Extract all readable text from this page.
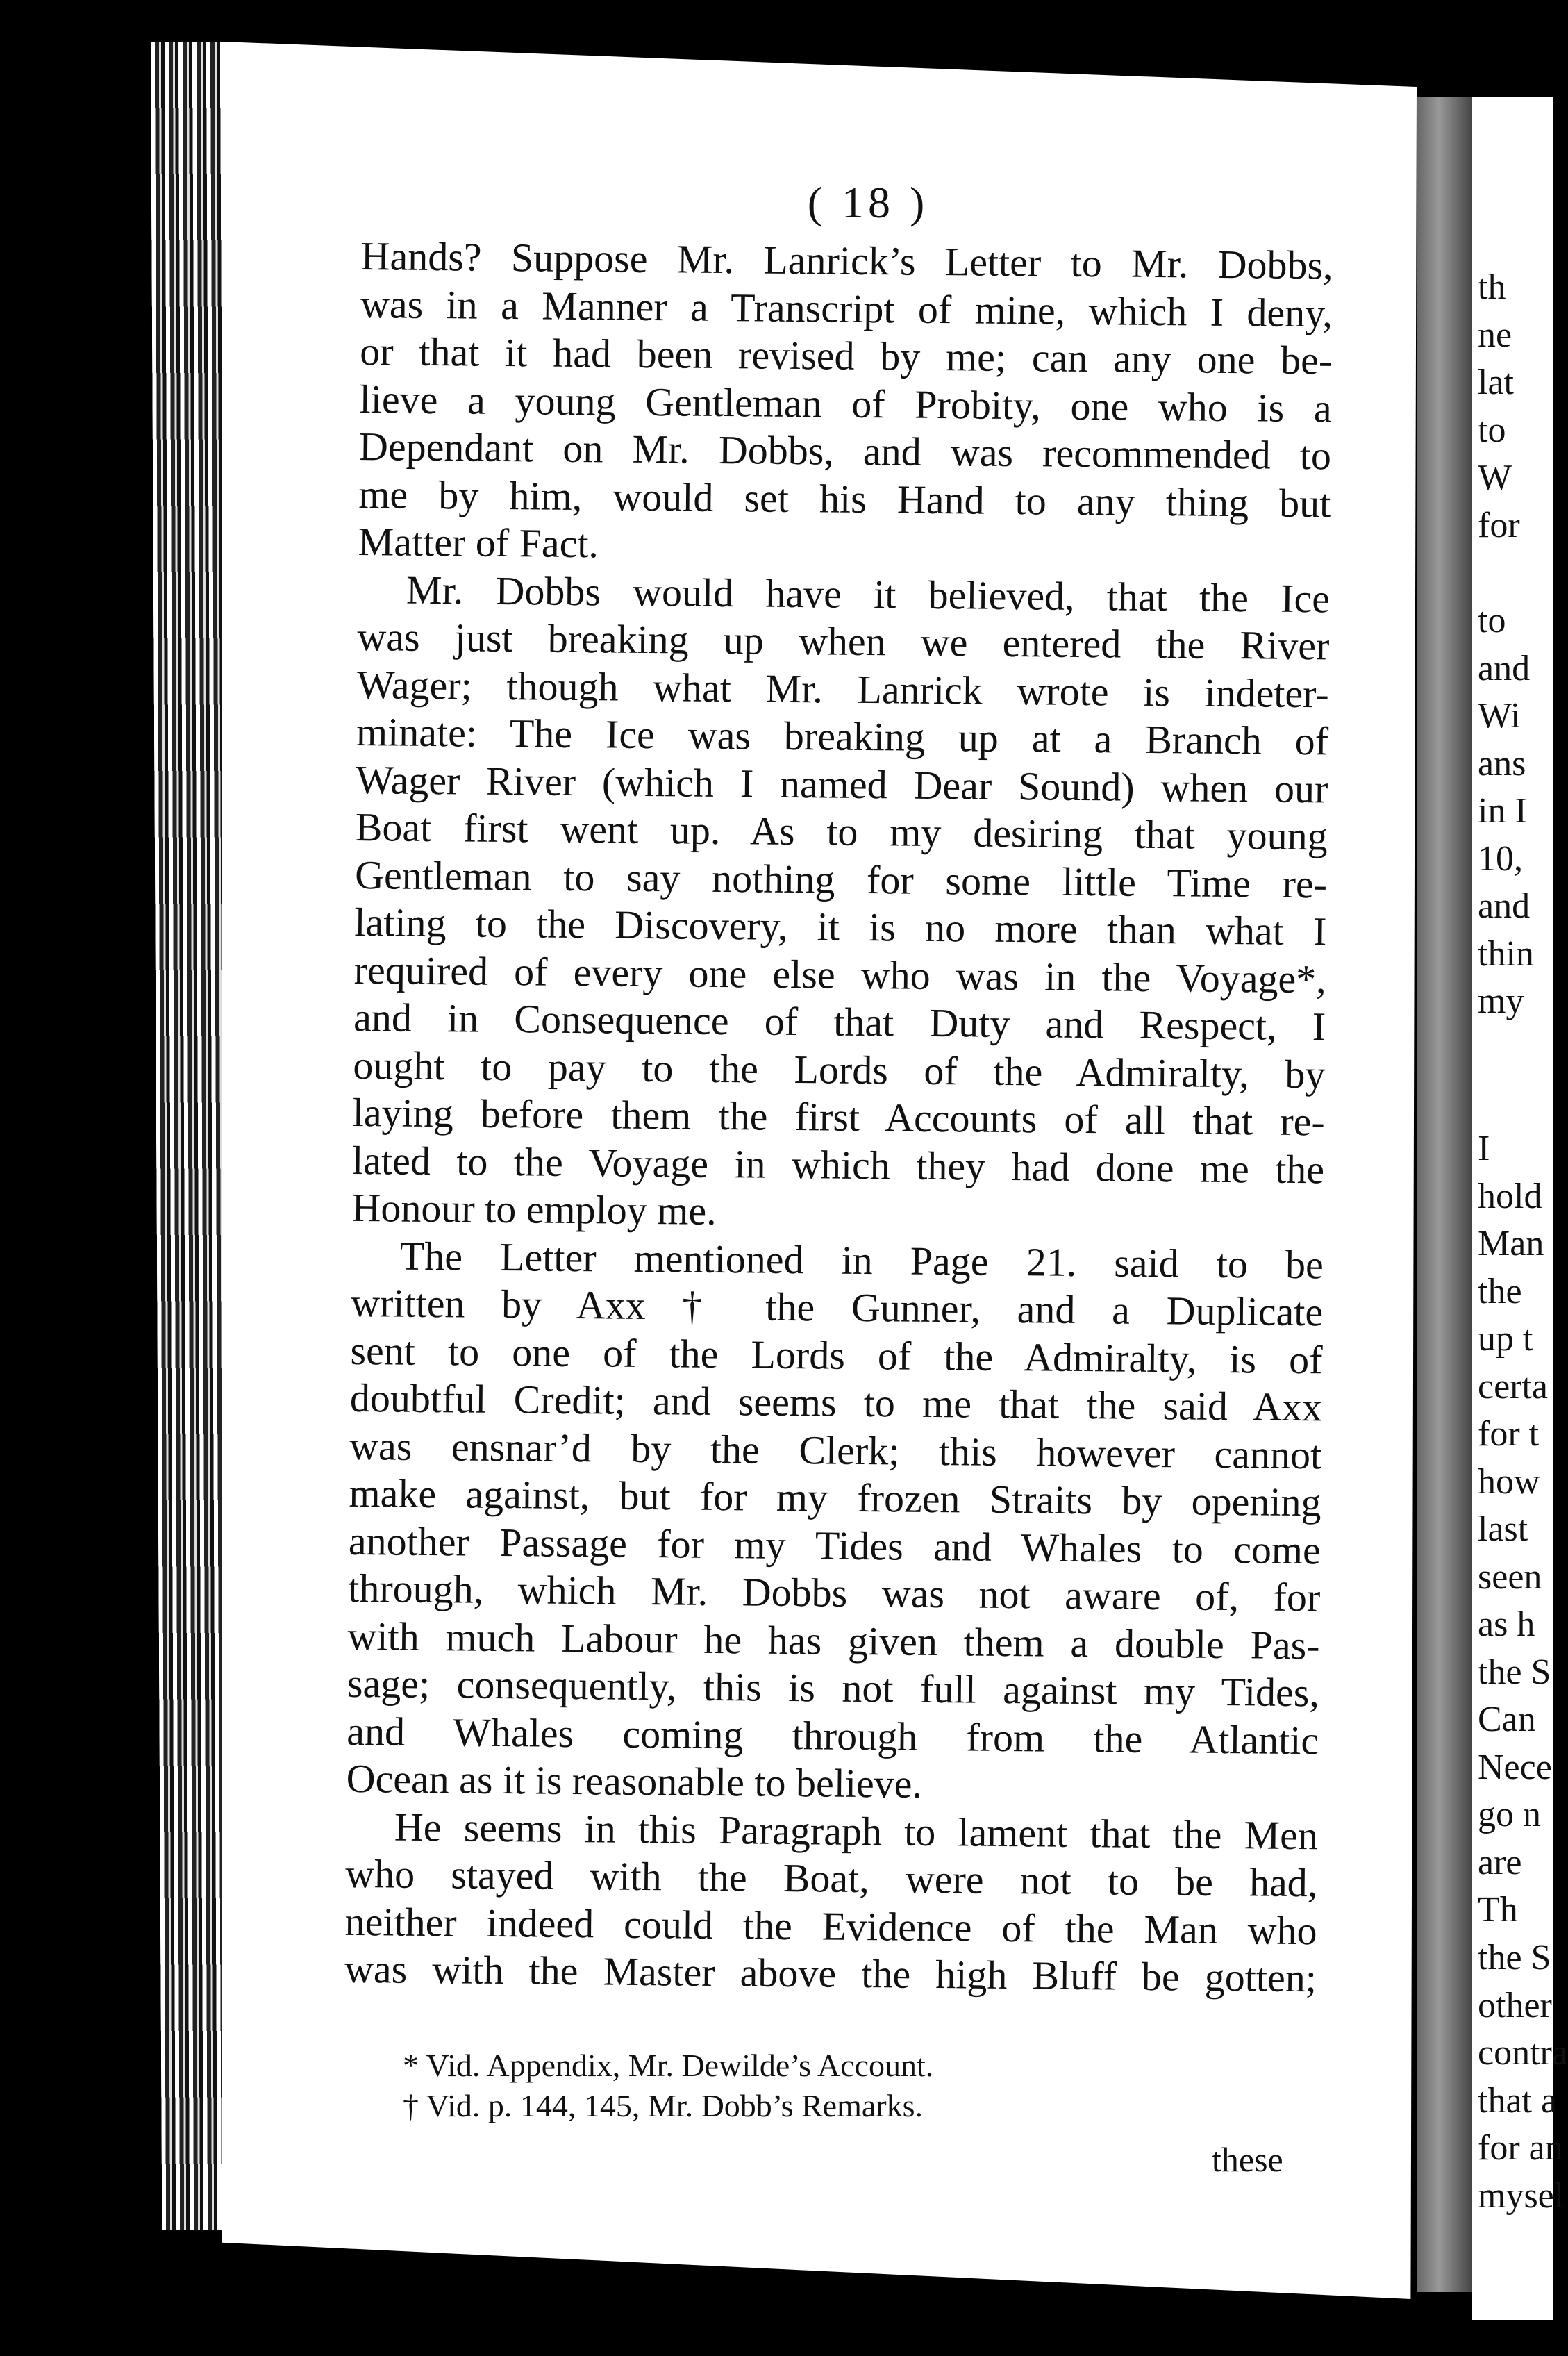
th
ne
lat
to
W
for
to
and
Wi
ans
in I
10,
and
thin
my
I
hold
Man
the
up t
certa
for t
how
last
seen
as h
the S
Can
Nece
go n
are
Th
the S
other
contra
that a
for an
mysel
( 18 )
Hands? Suppose Mr. Lanrick’s Letter to Mr. Dobbs,
was in a Manner a Transcript of mine, which I deny,
or that it had been revised by me; can any one be-
lieve a young Gentleman of Probity, one who is a
Dependant on Mr. Dobbs, and was recommended to
me by him, would set his Hand to any thing but
Matter of Fact.
Mr. Dobbs would have it believed, that the Ice
was just breaking up when we entered the River
Wager; though what Mr. Lanrick wrote is indeter-
minate: The Ice was breaking up at a Branch of
Wager River (which I named Dear Sound) when our
Boat first went up. As to my desiring that young
Gentleman to say nothing for some little Time re-
lating to the Discovery, it is no more than what I
required of every one else who was in the Voyage*,
and in Consequence of that Duty and Respect, I
ought to pay to the Lords of the Admiralty, by
laying before them the first Accounts of all that re-
lated to the Voyage in which they had done me the
Honour to employ me.
The Letter mentioned in Page 21. said to be
written by Axx † the Gunner, and a Duplicate
sent to one of the Lords of the Admiralty, is of
doubtful Credit; and seems to me that the said Axx
was ensnar’d by the Clerk; this however cannot
make against, but for my frozen Straits by opening
another Passage for my Tides and Whales to come
through, which Mr. Dobbs was not aware of, for
with much Labour he has given them a double Pas-
sage; consequently, this is not full against my Tides,
and Whales coming through from the Atlantic
Ocean as it is reasonable to believe.
He seems in this Paragraph to lament that the Men
who stayed with the Boat, were not to be had,
neither indeed could the Evidence of the Man who
was with the Master above the high Bluff be gotten;
* Vid. Appendix, Mr. Dewilde’s Account.
† Vid. p. 144, 145, Mr. Dobb’s Remarks.
these
